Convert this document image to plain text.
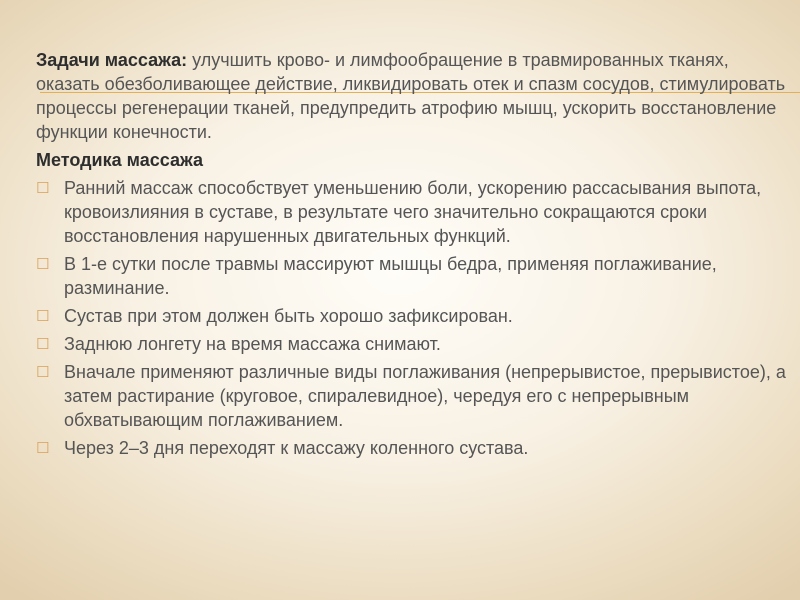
Задачи массажа: улучшить крово- и лимфообращение в травмированных тканях, оказать обезболивающее действие, ликвидировать отек и спазм сосудов, стимулировать процессы регенерации тканей, предупредить атрофию мышц, ускорить восстановление функции конечности.

Методика массажа
☐ Ранний массаж способствует уменьшению боли, ускорению рассасывания выпота, кровоизлияния в суставе, в результате чего значительно сокращаются сроки восстановления нарушенных двигательных функций.
☐ В 1-е сутки после травмы массируют мышцы бедра, применяя поглаживание, разминание.
☐ Сустав при этом должен быть хорошо зафиксирован.
☐ Заднюю лонгету на время массажа снимают.
☐ Вначале применяют различные виды поглаживания (непрерывистое, прерывистое), а затем растирание (круговое, спиралевидное), чередуя его с непрерывным обхватывающим поглаживанием.
☐ Через 2–3 дня переходят к массажу коленного сустава.
